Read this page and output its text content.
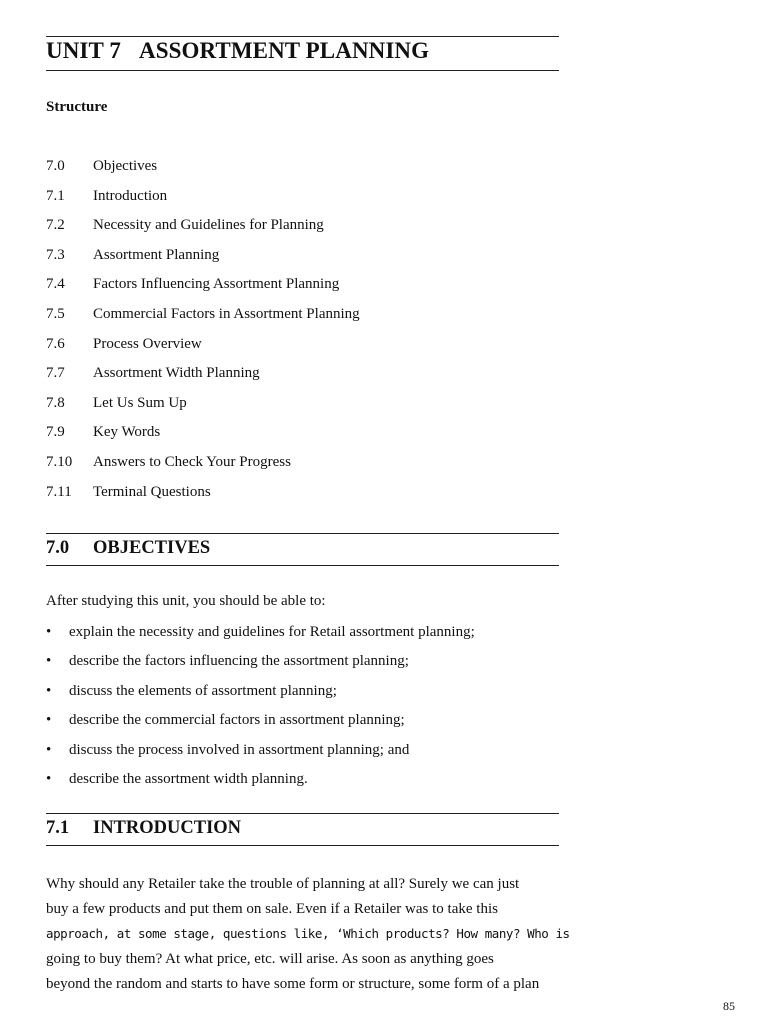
UNIT 7 ASSORTMENT PLANNING
Structure
7.0	Objectives
7.1	Introduction
7.2	Necessity and Guidelines for Planning
7.3	Assortment Planning
7.4	Factors Influencing Assortment Planning
7.5	Commercial Factors in Assortment Planning
7.6	Process Overview
7.7	Assortment Width Planning
7.8	Let Us Sum Up
7.9	Key Words
7.10	Answers to Check Your Progress
7.11	Terminal Questions
7.0 OBJECTIVES
After studying this unit, you should be able to:
•	explain the necessity and guidelines for Retail assortment planning;
•	describe the factors influencing the assortment planning;
•	discuss the elements of assortment planning;
•	describe the commercial factors in assortment planning;
•	discuss the process involved in assortment planning; and
•	describe the assortment width planning.
7.1 INTRODUCTION
Why should any Retailer take the trouble of planning at all? Surely we can just
buy a few products and put them on sale. Even if a Retailer was to take this
approach, at some stage, questions like, ‘Which products? How many? Who is
going to buy them? At what price, etc. will arise. As soon as anything goes
beyond the random and starts to have some form or structure, some form of a plan
85
